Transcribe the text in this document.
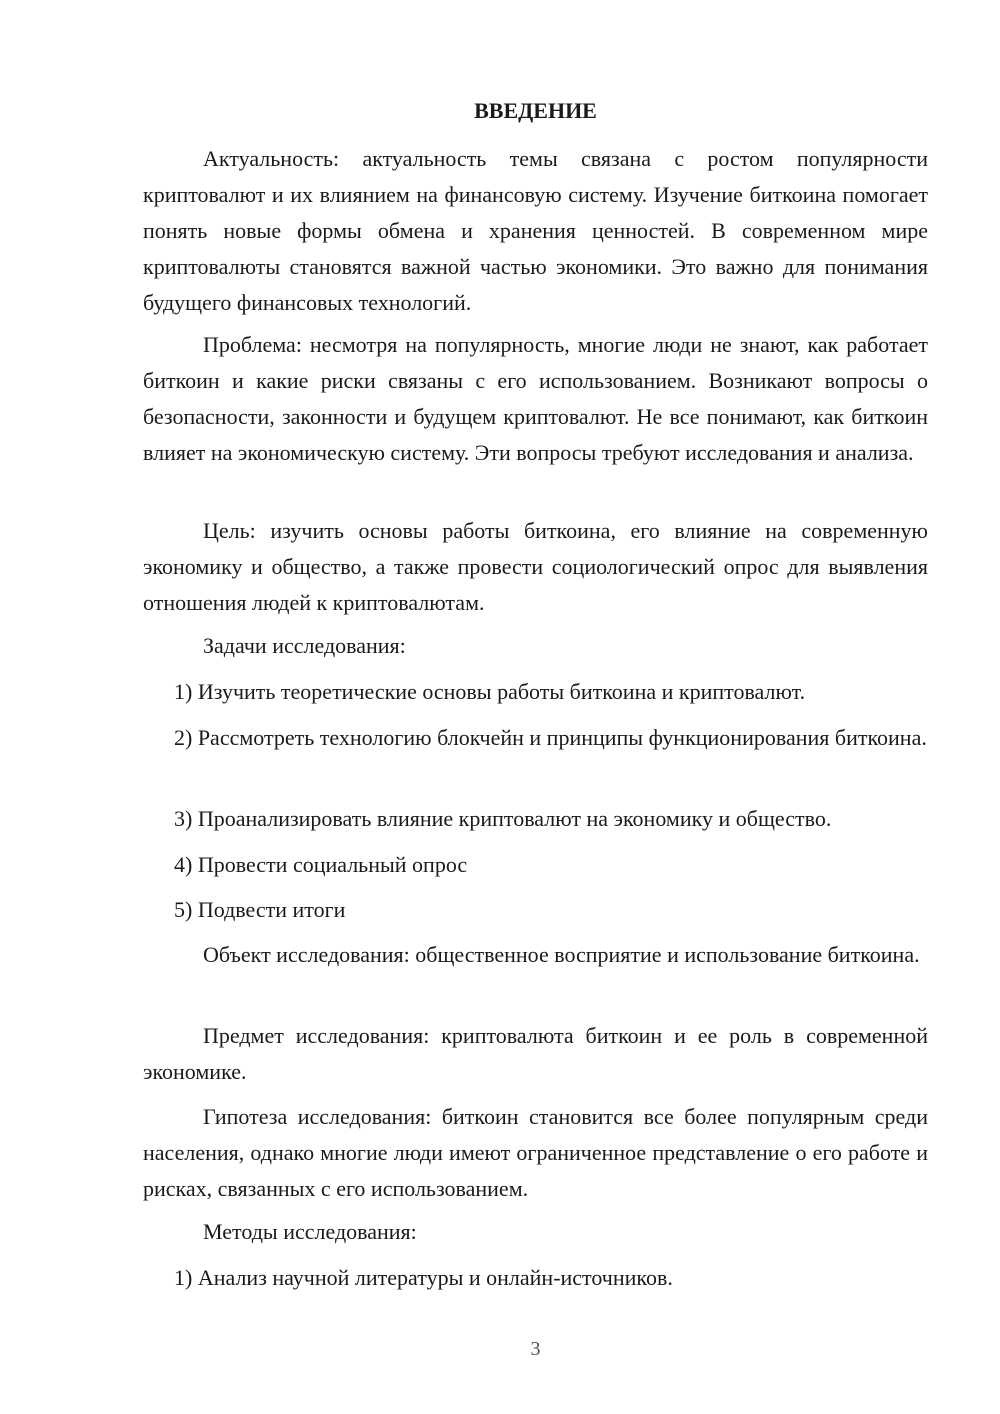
ВВЕДЕНИЕ

Актуальность: актуальность темы связана с ростом популярности криптовалют и их влиянием на финансовую систему. Изучение биткоина помогает понять новые формы обмена и хранения ценностей. В современном мире криптовалюты становятся важной частью экономики. Это важно для понимания будущего финансовых технологий.

Проблема: несмотря на популярность, многие люди не знают, как работает биткоин и какие риски связаны с его использованием. Возникают вопросы о безопасности, законности и будущем криптовалют. Не все понимают, как биткоин влияет на экономическую систему. Эти вопросы требуют исследования и анализа.

Цель: изучить основы работы биткоина, его влияние на современную экономику и общество, а также провести социологический опрос для выявления отношения людей к криптовалютам.

Задачи исследования:

1) Изучить теоретические основы работы биткоина и криптовалют.

2) Рассмотреть технологию блокчейн и принципы функционирования биткоина.

3) Проанализировать влияние криптовалют на экономику и общество.

4) Провести социальный опрос

5) Подвести итоги

Объект исследования: общественное восприятие и использование биткоина.

Предмет исследования: криптовалюта биткоин и ее роль в современной экономике.

Гипотеза исследования: биткоин становится все более популярным среди населения, однако многие люди имеют ограниченное представление о его работе и рисках, связанных с его использованием.

Методы исследования:

1) Анализ научной литературы и онлайн-источников.

3
